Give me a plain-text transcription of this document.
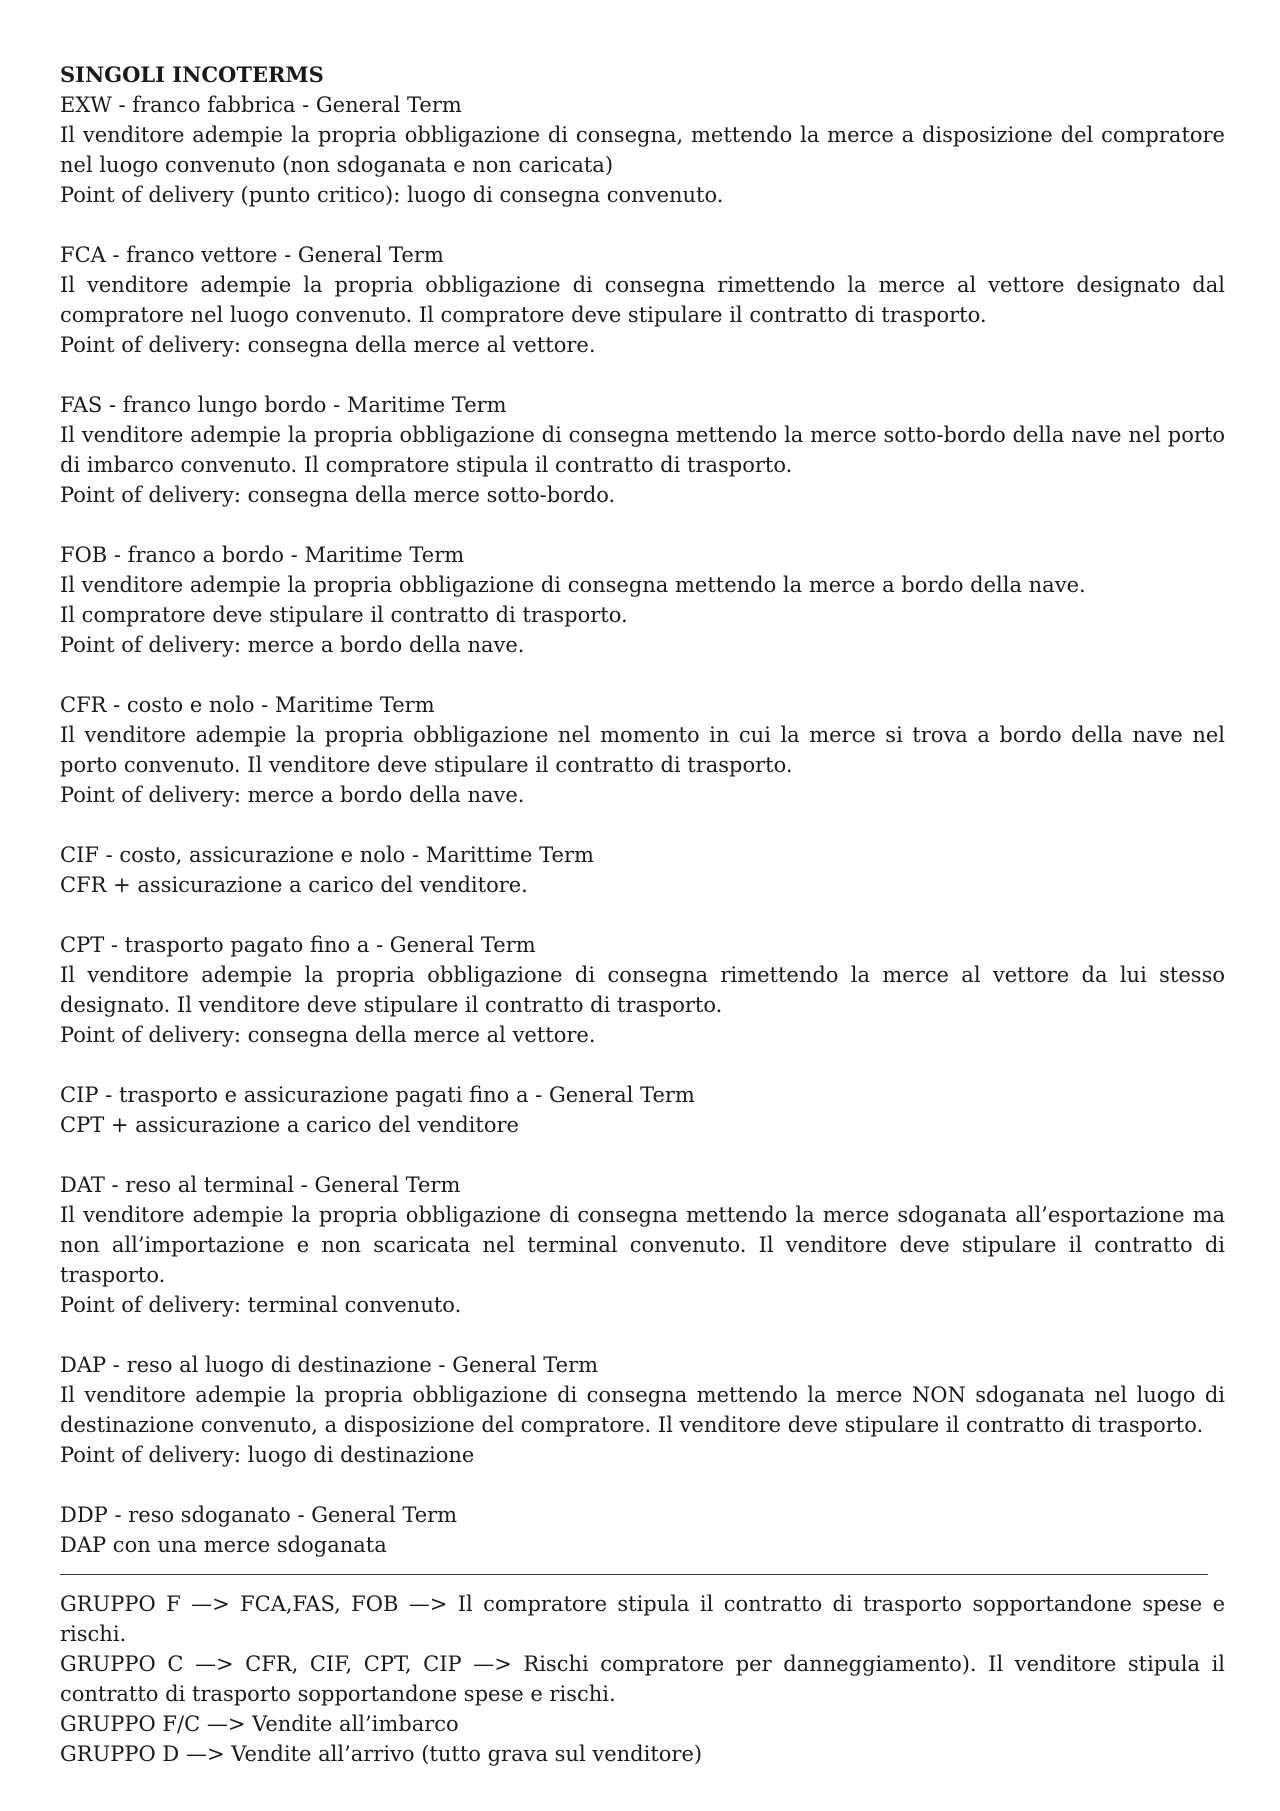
SINGOLI INCOTERMS

EXW - franco fabbrica - General Term

Il venditore adempie la propria obbligazione di consegna, mettendo la merce a disposizione del compratore nel luogo convenuto (non sdoganata e non caricata)

Point of delivery (punto critico): luogo di consegna convenuto.

FCA - franco vettore - General Term

Il venditore adempie la propria obbligazione di consegna rimettendo la merce al vettore designato dal compratore nel luogo convenuto. Il compratore deve stipulare il contratto di trasporto.

Point of delivery: consegna della merce al vettore.

FAS - franco lungo bordo - Maritime Term

Il venditore adempie la propria obbligazione di consegna mettendo la merce sotto-bordo della nave nel porto di imbarco convenuto. Il compratore stipula il contratto di trasporto.

Point of delivery: consegna della merce sotto-bordo.

FOB - franco a bordo - Maritime Term

Il venditore adempie la propria obbligazione di consegna mettendo la merce a bordo della nave.

Il compratore deve stipulare il contratto di trasporto.

Point of delivery: merce a bordo della nave.

CFR - costo e nolo - Maritime Term

Il venditore adempie la propria obbligazione nel momento in cui la merce si trova a bordo della nave nel porto convenuto. Il venditore deve stipulare il contratto di trasporto.

Point of delivery: merce a bordo della nave.

CIF - costo, assicurazione e nolo - Marittime Term

CFR + assicurazione a carico del venditore.

CPT - trasporto pagato fino a - General Term

Il venditore adempie la propria obbligazione di consegna rimettendo la merce al vettore da lui stesso designato. Il venditore deve stipulare il contratto di trasporto.

Point of delivery: consegna della merce al vettore.

CIP - trasporto e assicurazione pagati fino a - General Term

CPT + assicurazione a carico del venditore

DAT - reso al terminal - General Term

Il venditore adempie la propria obbligazione di consegna mettendo la merce sdoganata all’esportazione ma non all’importazione e non scaricata nel terminal convenuto. Il venditore deve stipulare il contratto di trasporto.

Point of delivery: terminal convenuto.

DAP - reso al luogo di destinazione - General Term

Il venditore adempie la propria obbligazione di consegna mettendo la merce NON sdoganata nel luogo di destinazione convenuto, a disposizione del compratore. Il venditore deve stipulare il contratto di trasporto.

Point of delivery: luogo di destinazione

DDP - reso sdoganato - General Term

DAP con una merce sdoganata

GRUPPO F —> FCA,FAS, FOB —> Il compratore stipula il contratto di trasporto sopportandone spese e rischi.

GRUPPO C —> CFR, CIF, CPT, CIP —> Rischi compratore per danneggiamento). Il venditore stipula il contratto di trasporto sopportandone spese e rischi.

GRUPPO F/C —> Vendite all’imbarco

GRUPPO D —> Vendite all’arrivo (tutto grava sul venditore)
